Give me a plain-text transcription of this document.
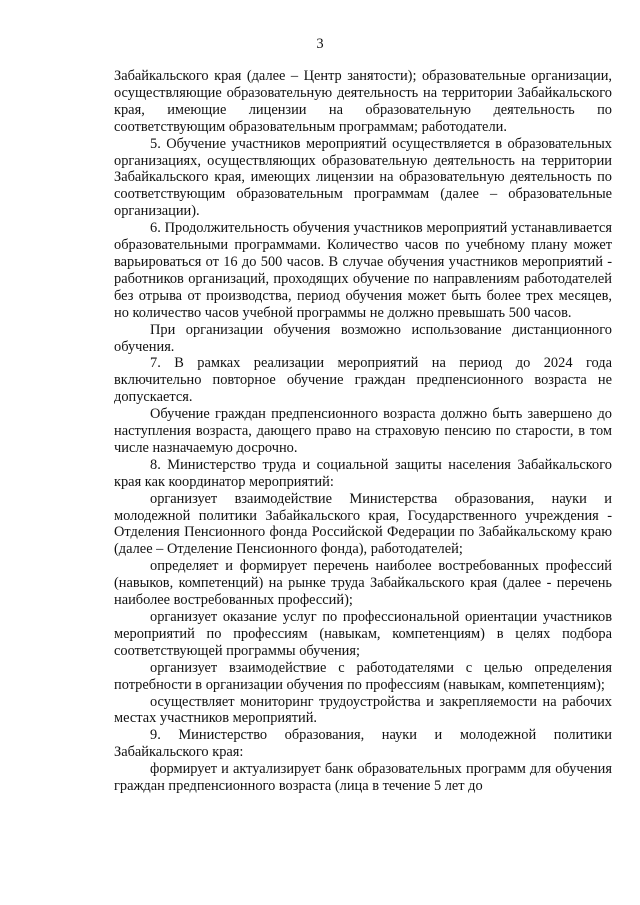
3

Забайкальского края (далее – Центр занятости); образовательные организации, осуществляющие образовательную деятельность на территории Забайкальского края, имеющие лицензии на образовательную деятельность по соответствующим образовательным программам; работодатели.

5. Обучение участников мероприятий осуществляется в образовательных организациях, осуществляющих образовательную деятельность на территории Забайкальского края, имеющих лицензии на образовательную деятельность по соответствующим образовательным программам (далее – образовательные организации).

6. Продолжительность обучения участников мероприятий устанавливается образовательными программами. Количество часов по учебному плану может варьироваться от 16 до 500 часов. В случае обучения участников мероприятий - работников организаций, проходящих обучение по направлениям работодателей без отрыва от производства, период обучения может быть более трех месяцев, но количество часов учебной программы не должно превышать 500 часов.

При организации обучения возможно использование дистанционного обучения.

7. В рамках реализации мероприятий на период до 2024 года включительно повторное обучение граждан предпенсионного возраста не допускается.

Обучение граждан предпенсионного возраста должно быть завершено до наступления возраста, дающего право на страховую пенсию по старости, в том числе назначаемую досрочно.

8. Министерство труда и социальной защиты населения Забайкальского края как координатор мероприятий:

организует взаимодействие Министерства образования, науки и молодежной политики Забайкальского края, Государственного учреждения - Отделения Пенсионного фонда Российской Федерации по Забайкальскому краю (далее – Отделение Пенсионного фонда), работодателей;

определяет и формирует перечень наиболее востребованных профессий (навыков, компетенций) на рынке труда Забайкальского края (далее - перечень наиболее востребованных профессий);

организует оказание услуг по профессиональной ориентации участников мероприятий по профессиям (навыкам, компетенциям) в целях подбора соответствующей программы обучения;

организует взаимодействие с работодателями с целью определения потребности в организации обучения по профессиям (навыкам, компетенциям);

осуществляет мониторинг трудоустройства и закрепляемости на рабочих местах участников мероприятий.

9. Министерство образования, науки и молодежной политики Забайкальского края:

формирует и актуализирует банк образовательных программ для обучения граждан предпенсионного возраста (лица в течение 5 лет до
